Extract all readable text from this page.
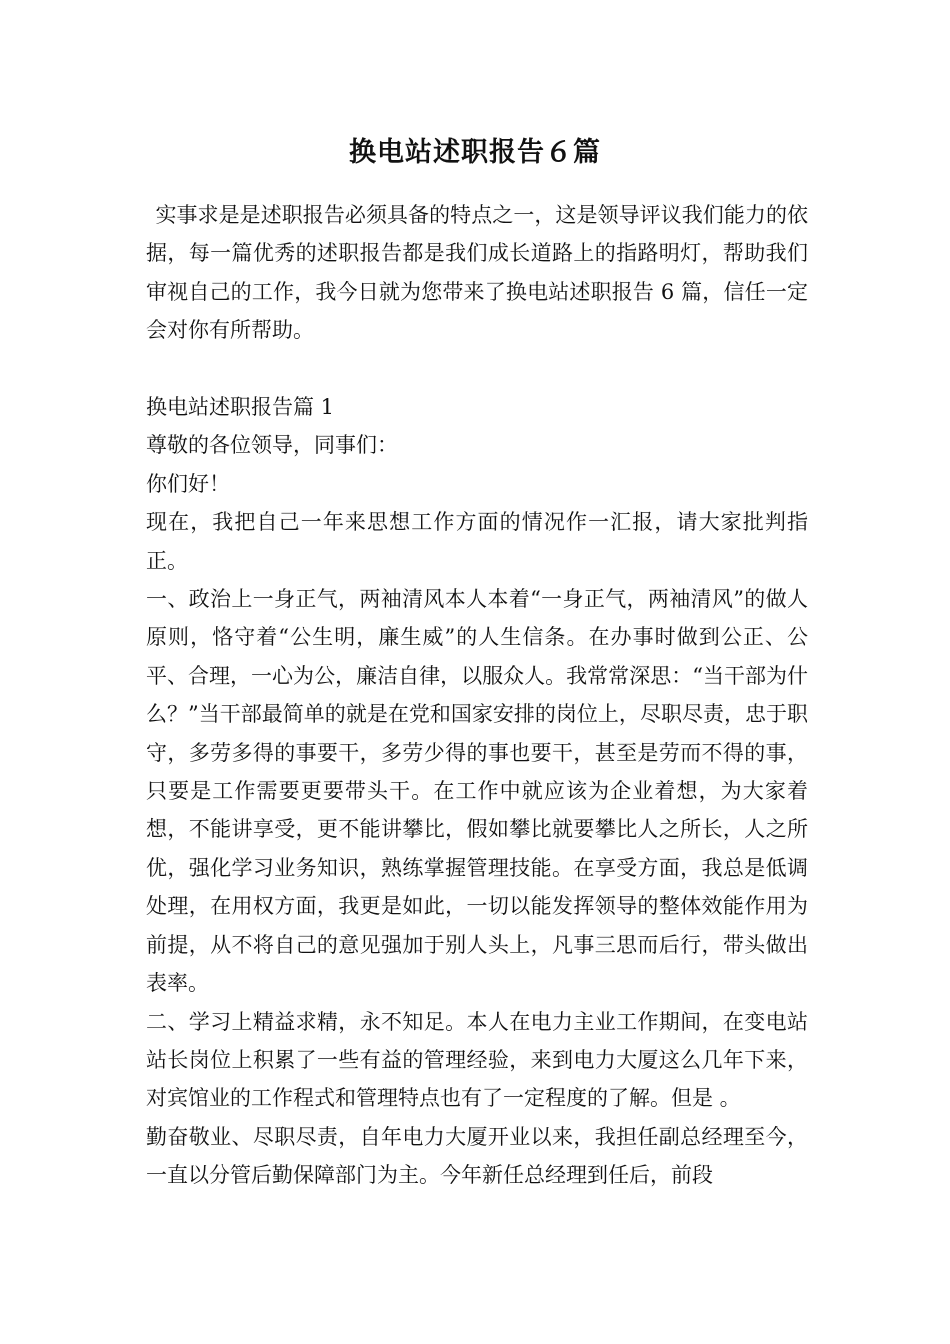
换电站述职报告６篇

实事求是是述职报告必须具备的特点之一，这是领导评议我们能力的依据，每一篇优秀的述职报告都是我们成长道路上的指路明灯，帮助我们审视自己的工作，我今日就为您带来了换电站述职报告 6 篇，信任一定会对你有所帮助。

换电站述职报告篇 1

尊敬的各位领导，同事们：

你们好！

现在，我把自己一年来思想工作方面的情况作一汇报，请大家批判指正。

一、政治上一身正气，两袖清风本人本着“一身正气，两袖清风”的做人原则，恪守着“公生明，廉生威”的人生信条。在办事时做到公正、公平、合理，一心为公，廉洁自律，以服众人。我常常深思：“当干部为什么？”当干部最简单的就是在党和国家安排的岗位上，尽职尽责，忠于职守，多劳多得的事要干，多劳少得的事也要干，甚至是劳而不得的事，只要是工作需要更要带头干。在工作中就应该为企业着想，为大家着想，不能讲享受，更不能讲攀比，假如攀比就要攀比人之所长，人之所优，强化学习业务知识，熟练掌握管理技能。在享受方面，我总是低调处理，在用权方面，我更是如此，一切以能发挥领导的整体效能作用为前提，从不将自己的意见强加于别人头上，凡事三思而后行，带头做出表率。

二、学习上精益求精，永不知足。本人在电力主业工作期间，在变电站站长岗位上积累了一些有益的管理经验，来到电力大厦这么几年下来，对宾馆业的工作程式和管理特点也有了一定程度的了解。但是 。

勤奋敬业、尽职尽责，自年电力大厦开业以来，我担任副总经理至今，一直以分管后勤保障部门为主。今年新任总经理到任后，前段
